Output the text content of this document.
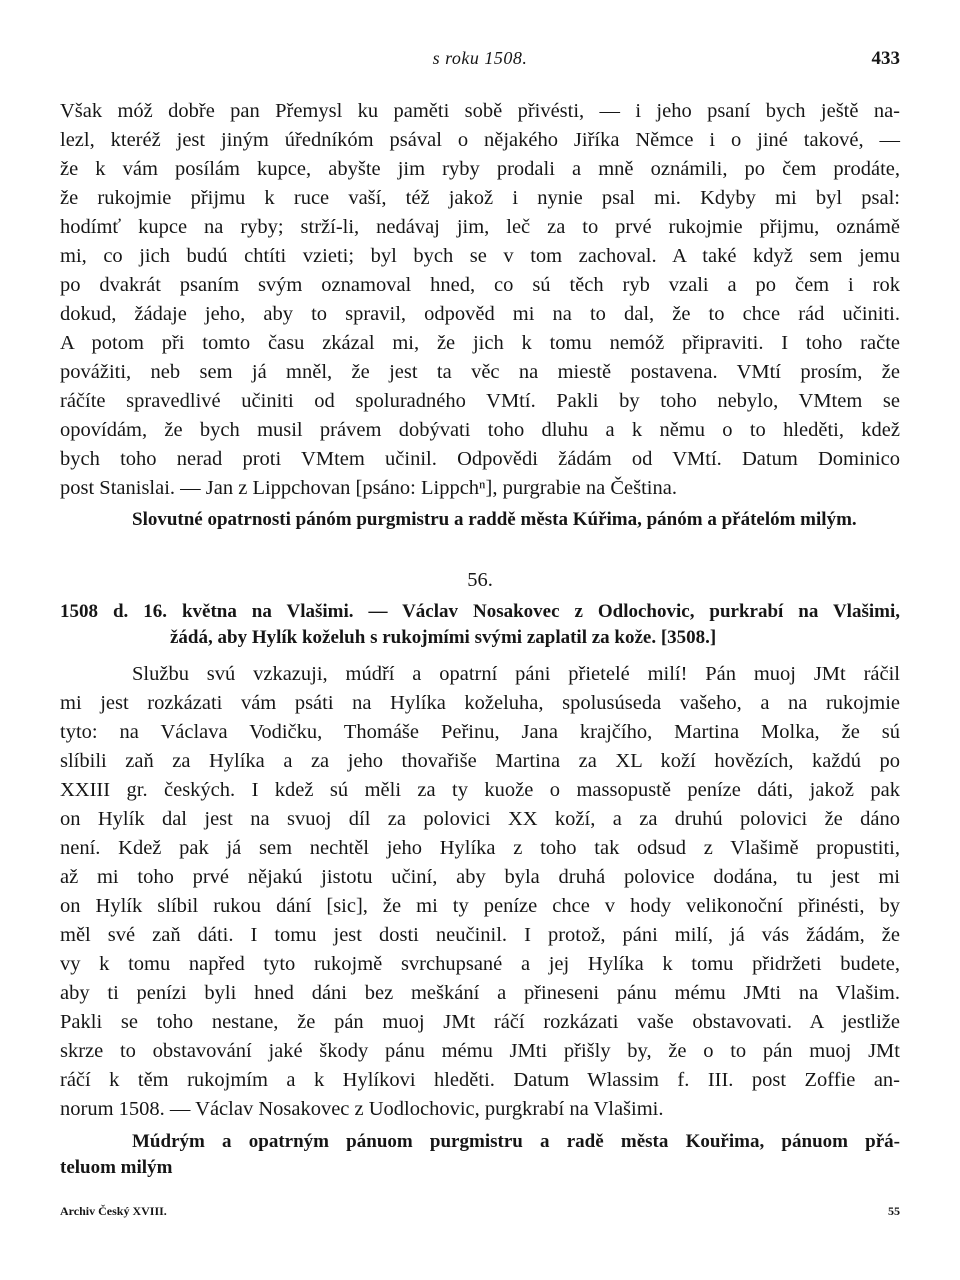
s roku 1508.	433
Však móž dobře pan Přemysl ku paměti sobě přivésti, — i jeho psaní bych ještě na-
lezl, kteréž jest jiným úředníkóm psával o nějakého Jiříka Němce i o jiné takové, —
že k vám posílám kupce, abyšte jim ryby prodali a mně oznámili, po čem prodáte,
že rukojmie přijmu k ruce vaší, též jakož i nynie psal mi. Kdyby mi byl psal:
hodímť kupce na ryby; strží-li, nedávaj jim, leč za to prvé rukojmie přijmu, oznámě
mi, co jich budú chtíti vzieti; byl bych se v tom zachoval. A také když sem jemu
po dvakrát psaním svým oznamoval hned, co sú těch ryb vzali a po čem i rok
dokud, žádaje jeho, aby to spravil, odpověd mi na to dal, že to chce rád učiniti.
A potom při tomto času zkázal mi, že jich k tomu nemóž připraviti. I toho račte
povážiti, neb sem já mněl, že jest ta věc na miestě postavena. VMtí prosím, že
ráčíte spravedlivé učiniti od spoluradného VMtí. Pakli by toho nebylo, VMtem se
opovídám, že bych musil právem dobývati toho dluhu a k němu o to hleděti, kdež
bych toho nerad proti VMtem učinil. Odpovědi žádám od VMtí. Datum Dominico
post Stanislai. — Jan z Lippchovan [psáno: Lippchⁿ], purgrabie na Čeština.
Slovutné opatrnosti pánóm purgmistru a raddě města Kúřima, pánóm a přátelóm milým.
56.
1508 d. 16. května na Vlašimi. — Václav Nosakovec z Odlochovic, purkrabí na Vlašimi,
žádá, aby Hylík koželuh s rukojmími svými zaplatil za kože. [3508.]
Službu svú vzkazuji, múdří a opatrní páni přietelé milí! Pán muoj JMt ráčil
mi jest rozkázati vám psáti na Hylíka koželuha, spolusúseda vašeho, a na rukojmie
tyto: na Václava Vodičku, Thomáše Peřinu, Jana krajčího, Martina Molka, že sú
slíbili zaň za Hylíka a za jeho thovařiše Martina za XL koží hovězích, každú po
XXIII gr. českých. I kdež sú měli za ty kuože o massopustě peníze dáti, jakož pak
on Hylík dal jest na svuoj díl za polovici XX koží, a za druhú polovici že dáno
není. Kdež pak já sem nechtěl jeho Hylíka z toho tak odsud z Vlašimě propustiti,
až mi toho prvé nějakú jistotu učiní, aby byla druhá polovice dodána, tu jest mi
on Hylík slíbil rukou dání [sic], že mi ty peníze chce v hody velikonoční přinésti, by
měl své zaň dáti. I tomu jest dosti neučinil. I protož, páni milí, já vás žádám, že
vy k tomu napřed tyto rukojmě svrchupsané a jej Hylíka k tomu přidržeti budete,
aby ti penízi byli hned dáni bez meškání a přineseni pánu mému JMti na Vlašim.
Pakli se toho nestane, že pán muoj JMt ráčí rozkázati vaše obstavovati. A jestliže
skrze to obstavování jaké škody pánu mému JMti přišly by, že o to pán muoj JMt
ráčí k těm rukojmím a k Hylíkovi hleděti. Datum Wlassim f. III. post Zoffie an-
norum 1508. — Václav Nosakovec z Uodlochovic, purgkrabí na Vlašimi.
Múdrým a opatrným pánuom purgmistru a radě města Kouřima, pánuom přá-
teluom milým
Archiv Český XVIII.	55
